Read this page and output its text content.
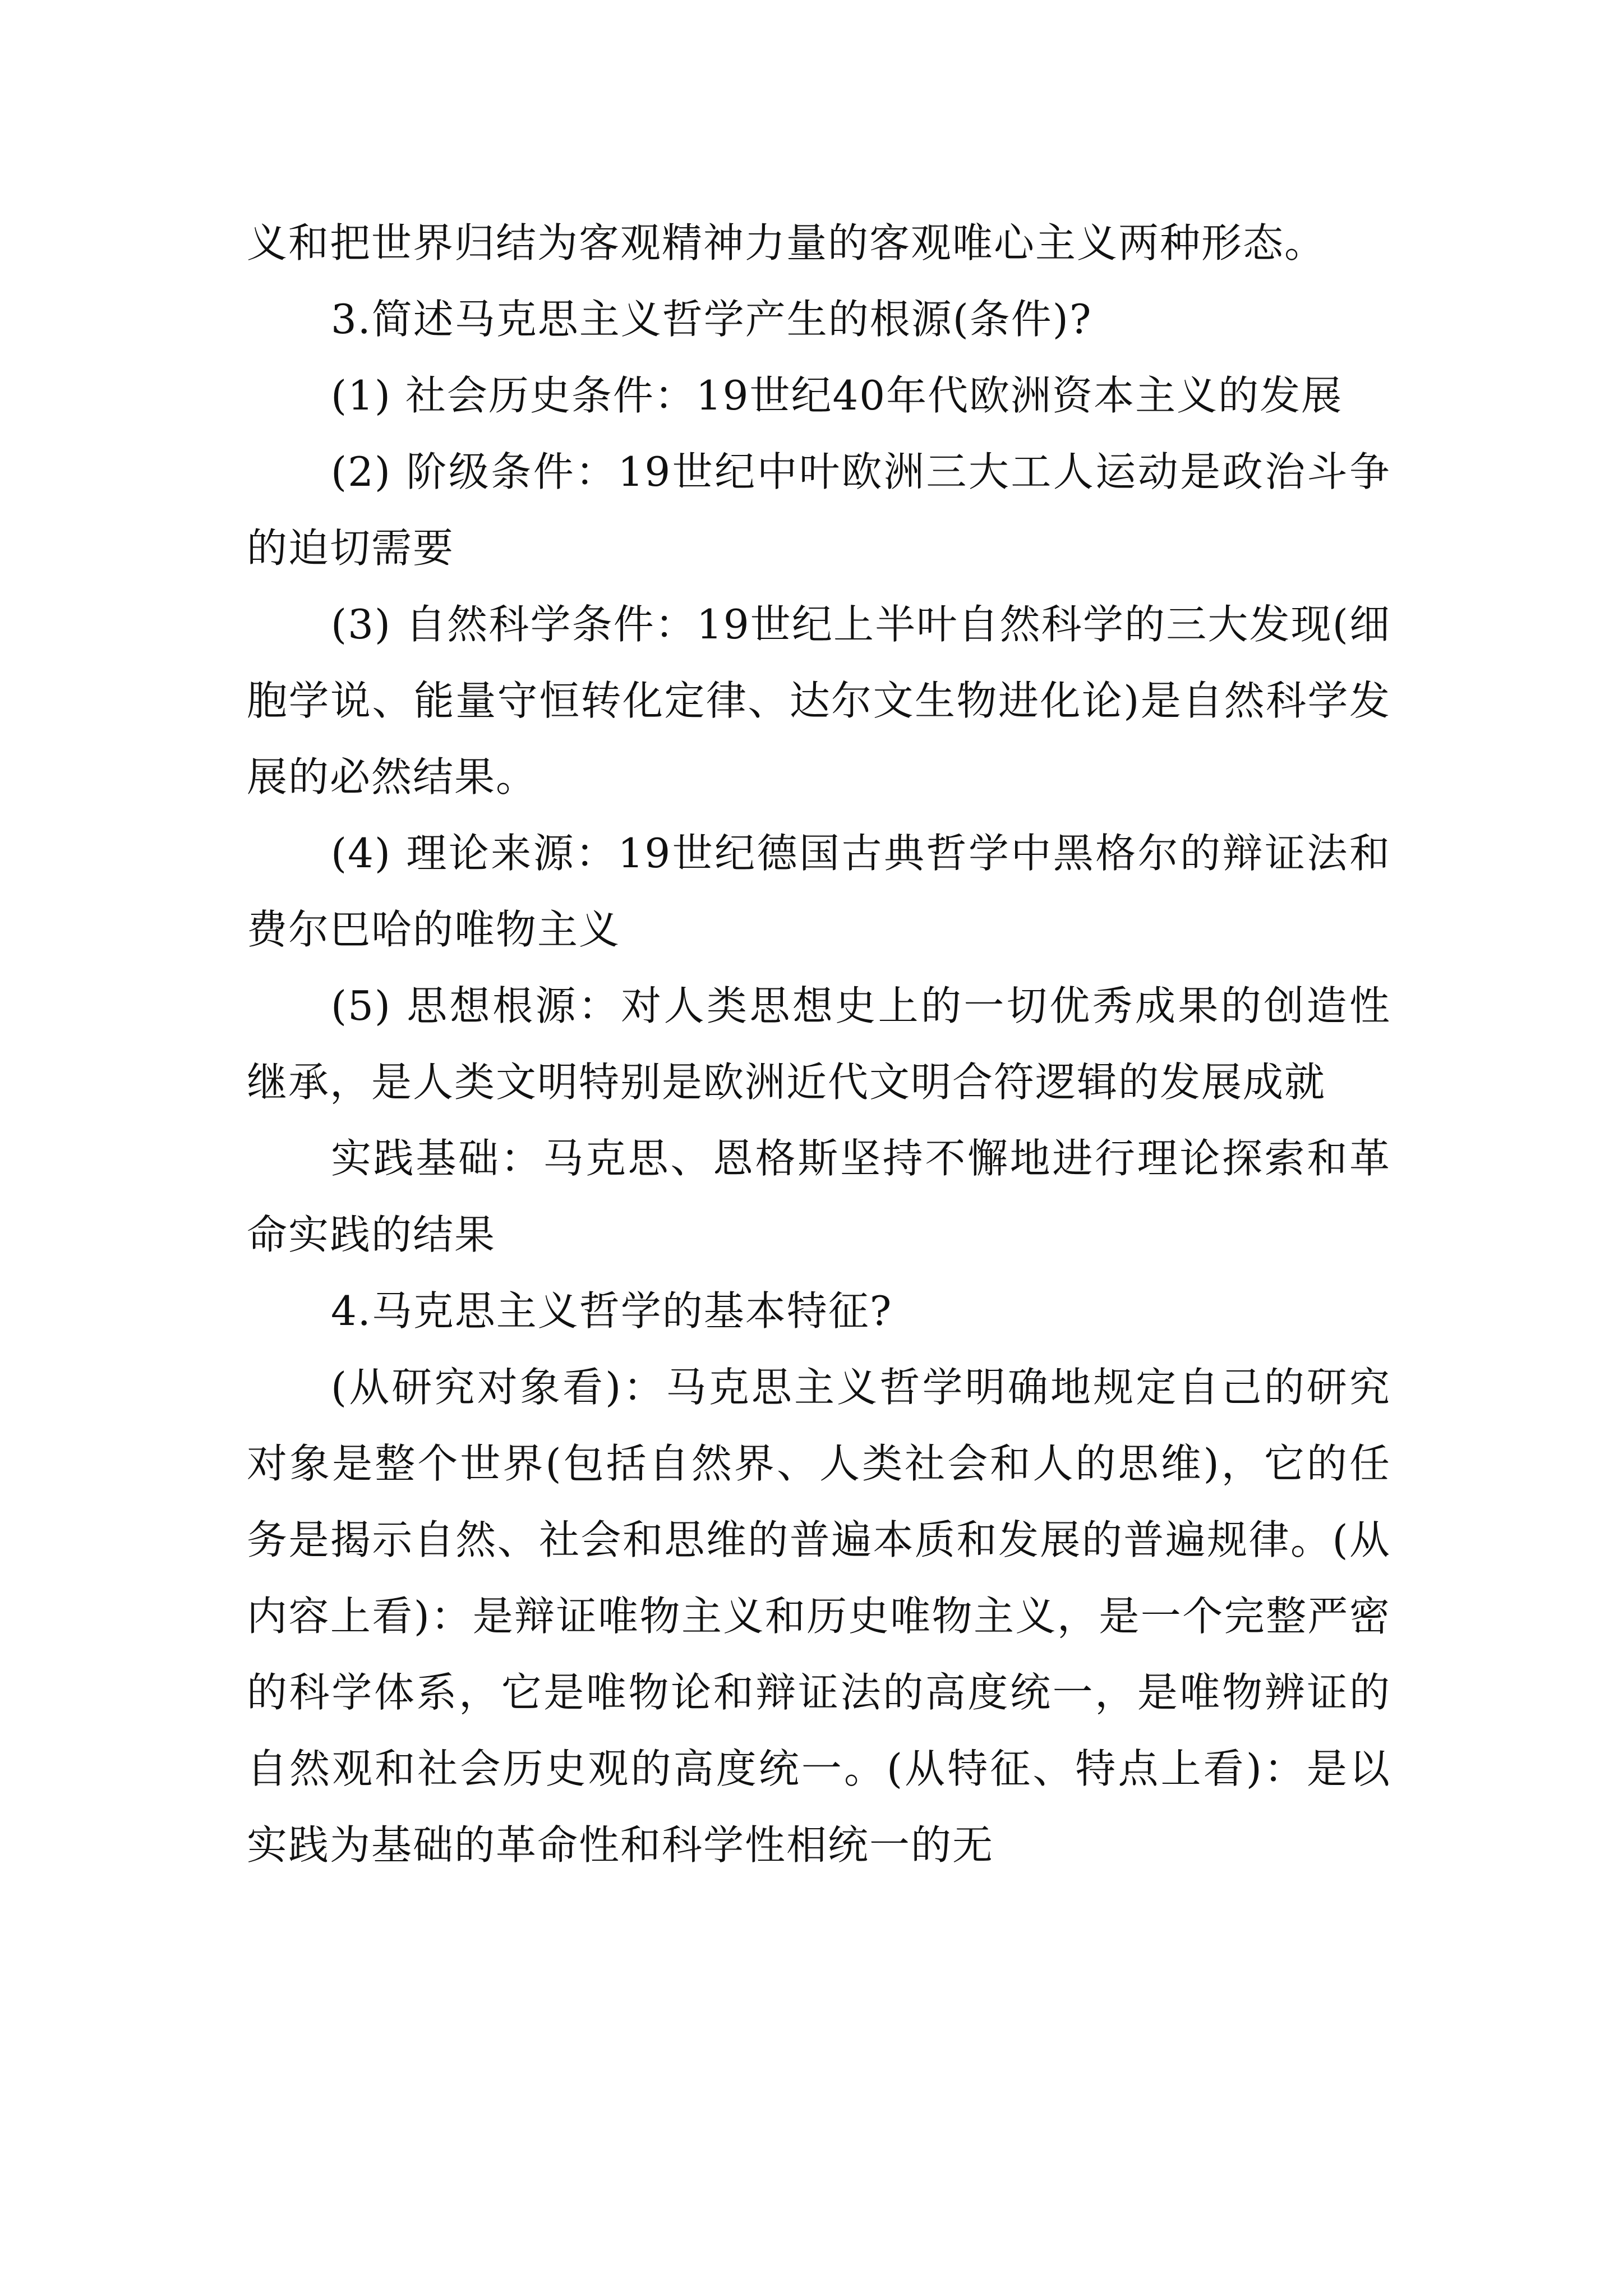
义和把世界归结为客观精神力量的客观唯心主义两种形态。

3.简述马克思主义哲学产生的根源(条件)?

(1) 社会历史条件：19世纪40年代欧洲资本主义的发展

(2) 阶级条件：19世纪中叶欧洲三大工人运动是政治斗争的迫切需要

(3) 自然科学条件：19世纪上半叶自然科学的三大发现(细胞学说、能量守恒转化定律、达尔文生物进化论)是自然科学发展的必然结果。

(4) 理论来源：19世纪德国古典哲学中黑格尔的辩证法和费尔巴哈的唯物主义

(5) 思想根源：对人类思想史上的一切优秀成果的创造性继承，是人类文明特别是欧洲近代文明合符逻辑的发展成就

实践基础：马克思、恩格斯坚持不懈地进行理论探索和革命实践的结果

4.马克思主义哲学的基本特征?

(从研究对象看)：马克思主义哲学明确地规定自己的研究对象是整个世界(包括自然界、人类社会和人的思维)，它的任务是揭示自然、社会和思维的普遍本质和发展的普遍规律。(从内容上看)：是辩证唯物主义和历史唯物主义，是一个完整严密的科学体系，它是唯物论和辩证法的高度统一，是唯物辨证的自然观和社会历史观的高度统一。(从特征、特点上看)：是以实践为基础的革命性和科学性相统一的无
